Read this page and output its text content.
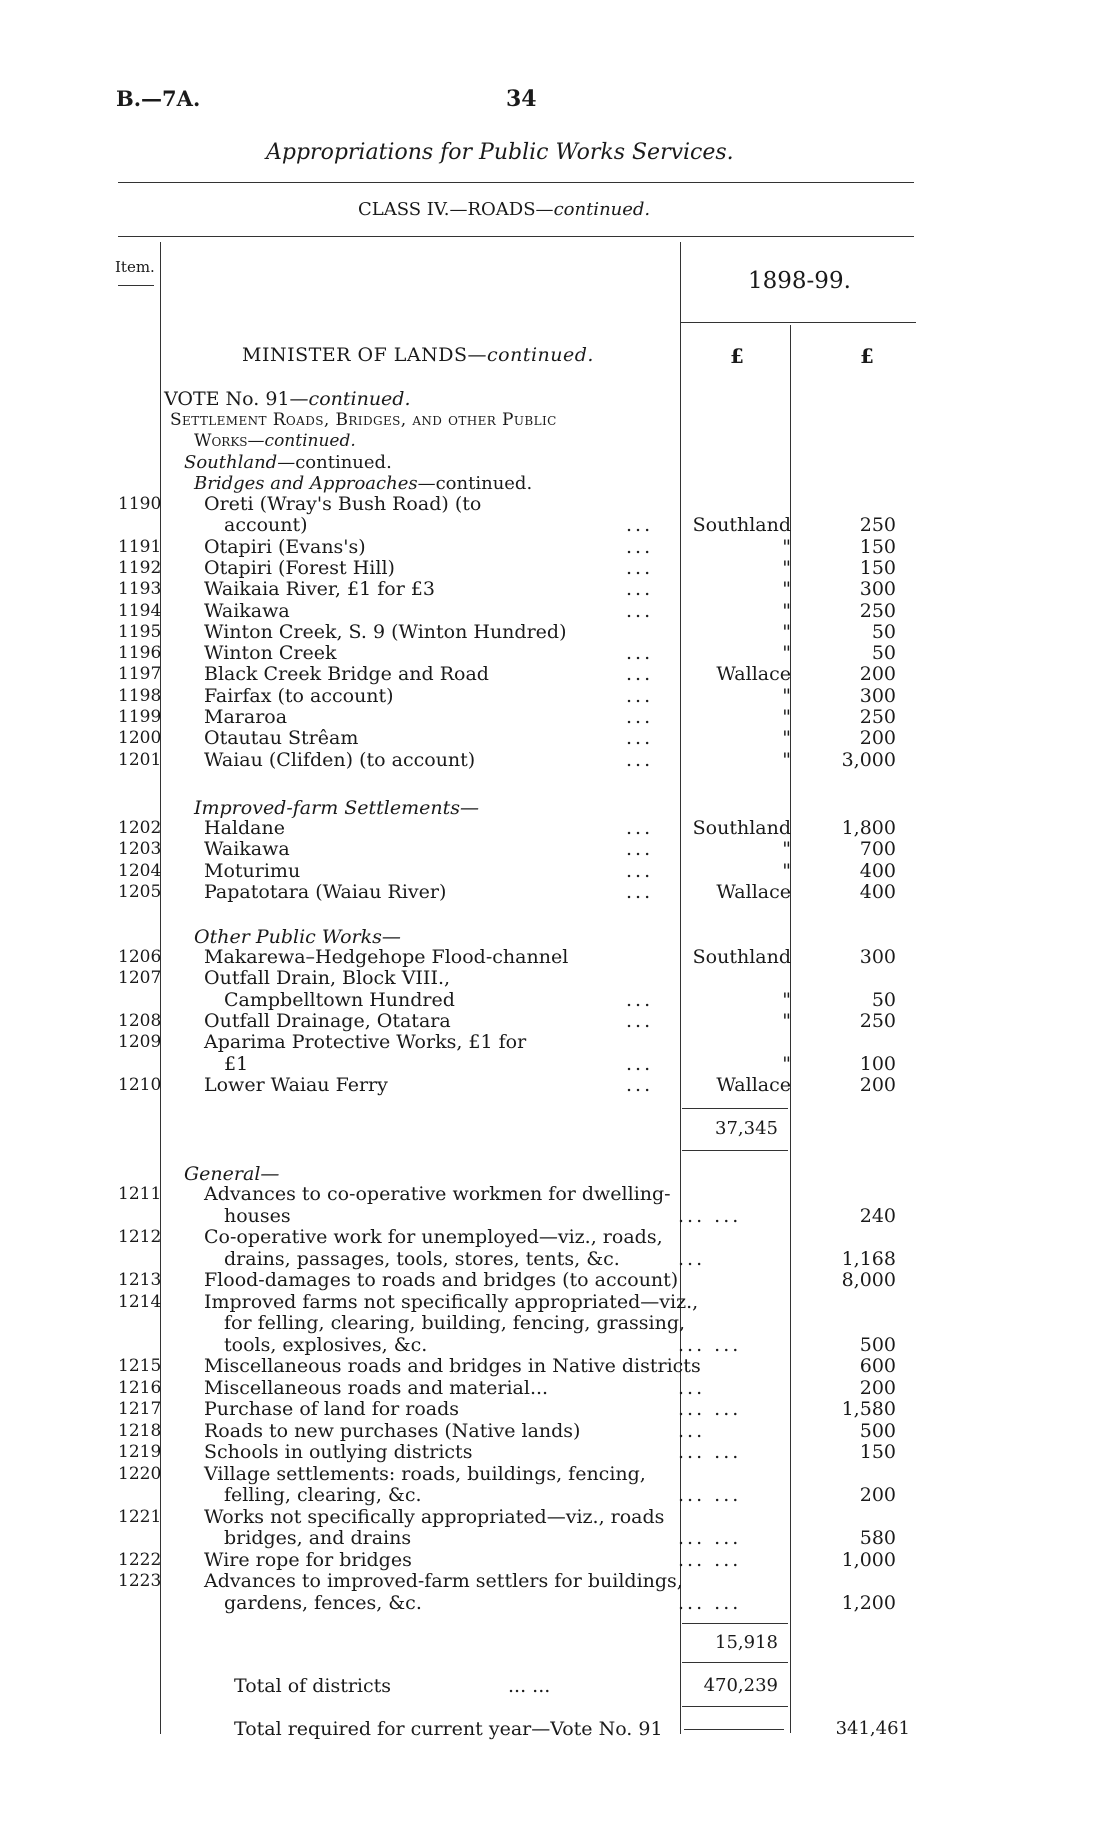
B.—7A.	34
Appropriations for Public Works Services.
CLASS IV.—ROADS—continued.
Item.
1898-99.
£	£
MINISTER OF LANDS—continued.
VOTE No. 91—continued.
Settlement Roads, Bridges, and other Public
Works—continued.
Southland—continued.
Bridges and Approaches—continued.
1190 Oreti (Wray's Bush Road) (to
account)	...	Southland	250
1191 Otapiri (Evans's)	...	"	150
1192 Otapiri (Forest Hill)	...	"	150
1193 Waikaia River, £1 for £3	...	"	300
1194 Waikawa	...	"	250
1195 Winton Creek, S. 9 (Winton Hundred)	"	50
1196 Winton Creek	...	"	50
1197 Black Creek Bridge and Road	...	Wallace	200
1198 Fairfax (to account)	...	"	300
1199 Mararoa	...	"	250
1200 Otautau Strêam	...	"	200
1201 Waiau (Clifden) (to account)	...	"	3,000
Improved-farm Settlements—
1202 Haldane	...	Southland	1,800
1203 Waikawa	...	"	700
1204 Moturimu	...	"	400
1205 Papatotara (Waiau River)	...	Wallace	400
Other Public Works—
1206 Makarewa–Hedgehope Flood-channel	Southland	300
1207 Outfall Drain, Block VIII.,
Campbelltown Hundred	...	"	50
1208 Outfall Drainage, Otatara	...	"	250
1209 Aparima Protective Works, £1 for
£1	...	"	100
1210 Lower Waiau Ferry	...	Wallace	200
37,345
General—
1211 Advances to co-operative workmen for dwelling-
houses	... ...	240
1212 Co-operative work for unemployed—viz., roads,
drains, passages, tools, stores, tents, &c.	...	1,168
1213 Flood-damages to roads and bridges (to account)	8,000
1214 Improved farms not specifically appropriated—viz.,
for felling, clearing, building, fencing, grassing,
tools, explosives, &c.	... ...	500
1215 Miscellaneous roads and bridges in Native districts	600
1216 Miscellaneous roads and material...	...	200
1217 Purchase of land for roads	... ...	1,580
1218 Roads to new purchases (Native lands)	...	500
1219 Schools in outlying districts	... ...	150
1220 Village settlements: roads, buildings, fencing,
felling, clearing, &c.	... ...	200
1221 Works not specifically appropriated—viz., roads
bridges, and drains	... ...	580
1222 Wire rope for bridges	... ...	1,000
1223 Advances to improved-farm settlers for buildings,
gardens, fences, &c.	... ...	1,200
15,918
Total of districts	... ...	470,239
Total required for current year—Vote No. 91	341,461
